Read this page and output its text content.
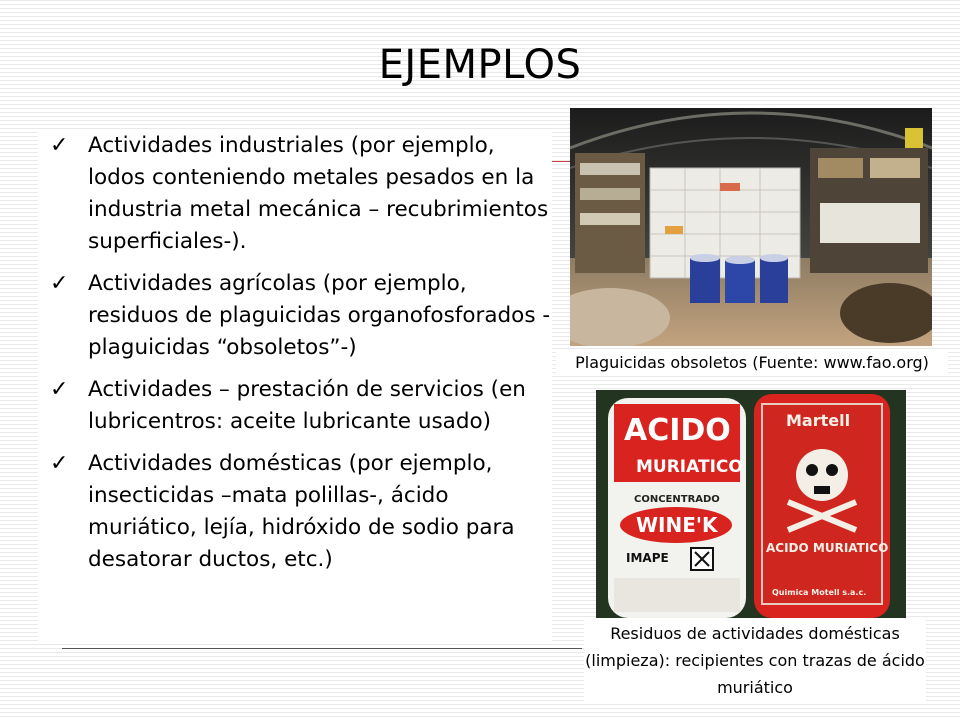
EJEMPLOS
✓ Actividades industriales (por ejemplo, lodos conteniendo metales pesados en la industria metal mecánica – recubrimientos superficiales-).
✓ Actividades agrícolas (por ejemplo, residuos de plaguicidas organofosforados -plaguicidas “obsoletos”-)
✓ Actividades – prestación de servicios (en lubricentros: aceite lubricante usado)
✓ Actividades domésticas (por ejemplo, insecticidas –mata polillas-, ácido muriático, lejía, hidróxido de sodio para desatorar ductos, etc.)
Plaguicidas obsoletos (Fuente: www.fao.org)
ACIDO
MURIATICO
CONCENTRADO
WINE'K
IMAPE
Martell
ACIDO MURIATICO
Quimica Motell s.a.c.
Residuos de actividades domésticas (limpieza): recipientes con trazas de ácido muriático
